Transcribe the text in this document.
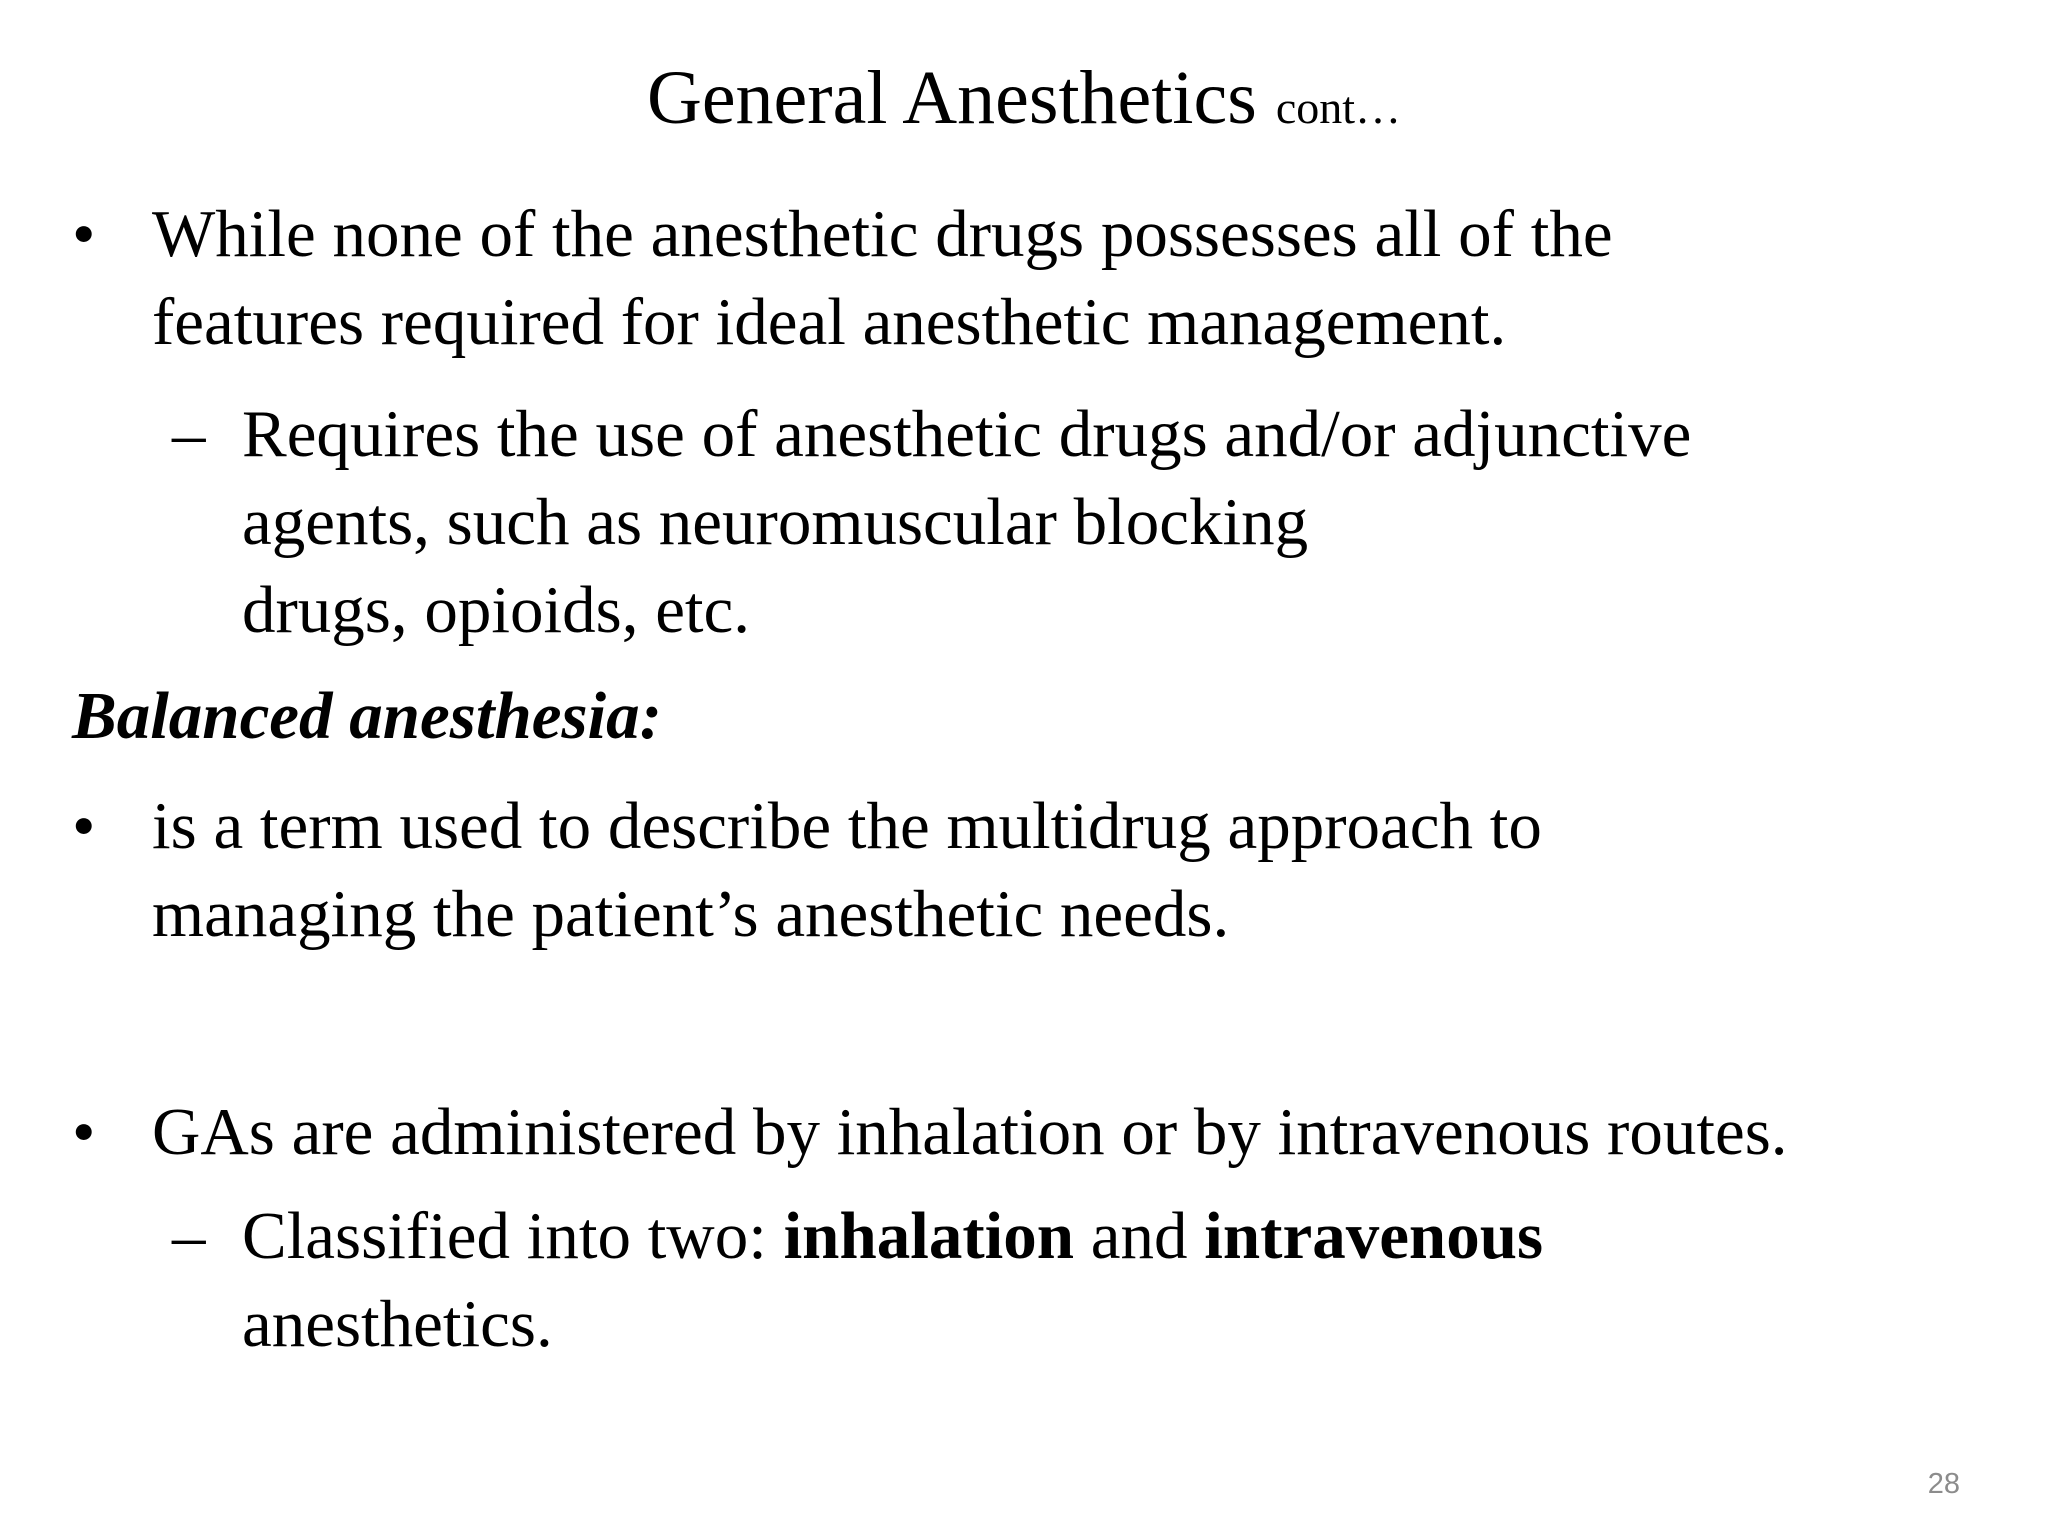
General Anesthetics cont…
• While none of the anesthetic drugs possesses all of the
features required for ideal anesthetic management.
– Requires the use of anesthetic drugs and/or adjunctive
agents, such as neuromuscular blocking
drugs, opioids, etc.
Balanced anesthesia:
• is a term used to describe the multidrug approach to
managing the patient’s anesthetic needs.
• GAs are administered by inhalation or by intravenous routes.
– Classified into two: inhalation and intravenous
anesthetics.
28
